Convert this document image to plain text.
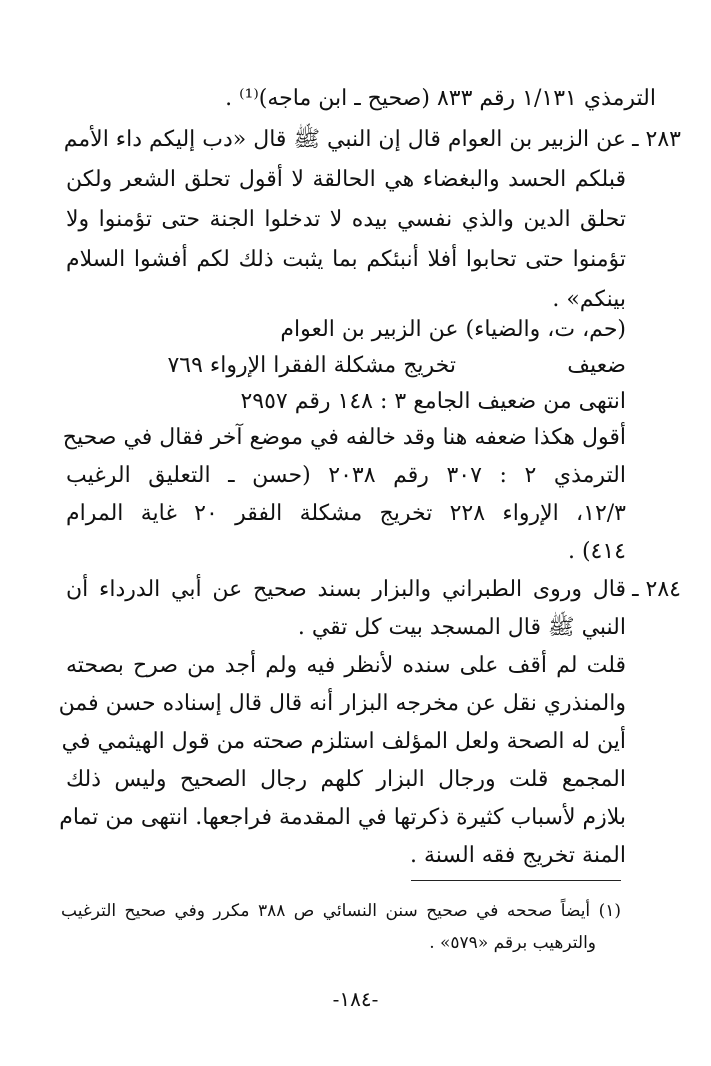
الترمذي ١/١٣١ رقم ٨٣٣ (صحيح ـ ابن ماجه)⁽¹⁾ .
٢٨٣ ـ
عن الزبير بن العوام قال إن النبي ﷺ قال «دب إليكم داء الأمم
قبلكم الحسد والبغضاء هي الحالقة لا أقول تحلق الشعر ولكن
تحلق الدين والذي نفسي بيده لا تدخلوا الجنة حتى تؤمنوا ولا
تؤمنوا حتى تحابوا أفلا أنبئكم بما يثبت ذلك لكم أفشوا السلام
بينكم» .
(حم، ت، والضياء) عن الزبير بن العوام
ضعيف
تخريج مشكلة الفقرا الإرواء ٧٦٩
انتهى من ضعيف الجامع ٣ : ١٤٨ رقم ٢٩٥٧
أقول هكذا ضعفه هنا وقد خالفه في موضع آخر فقال في صحيح
الترمذي ٢ : ٣٠٧ رقم ٢٠٣٨ (حسن ـ التعليق الرغيب
١٢/٣، الإرواء ٢٢٨ تخريج مشكلة الفقر ٢٠ غاية المرام
٤١٤) .
٢٨٤ ـ
قال وروى الطبراني والبزار بسند صحيح عن أبي الدرداء أن
النبي ﷺ قال المسجد بيت كل تقي .
قلت لم أقف على سنده لأنظر فيه ولم أجد من صرح بصحته
والمنذري نقل عن مخرجه البزار أنه قال قال إسناده حسن فمن
أين له الصحة ولعل المؤلف استلزم صحته من قول الهيثمي في
المجمع قلت ورجال البزار كلهم رجال الصحيح وليس ذلك
بلازم لأسباب كثيرة ذكرتها في المقدمة فراجعها. انتهى من تمام
المنة تخريج فقه السنة .
(١) أيضاً صححه في صحيح سنن النسائي ص ٣٨٨ مكرر وفي صحيح الترغيب
والترهيب برقم «٥٧٩» .
-١٨٤-
